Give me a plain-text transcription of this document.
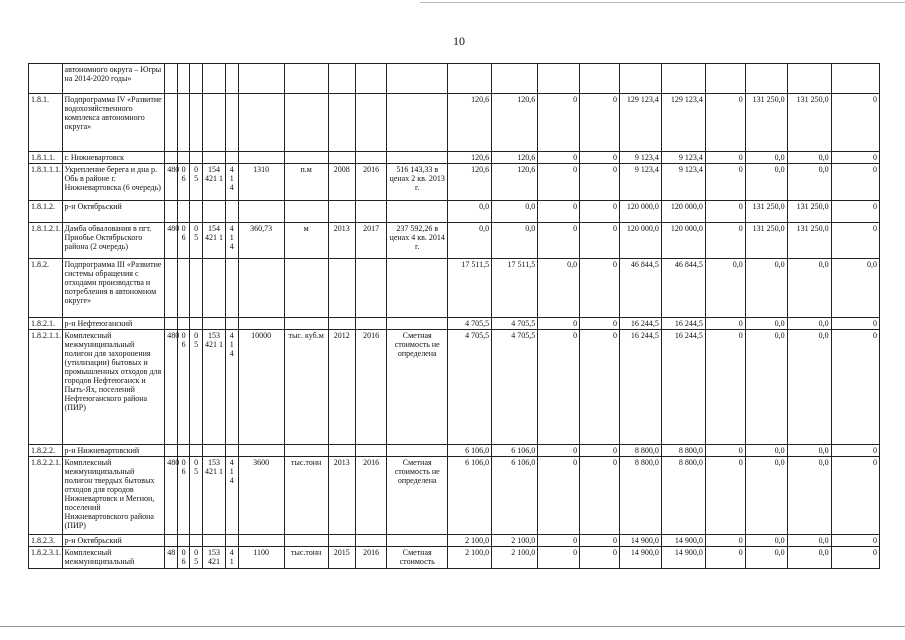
10
	автономного округа – Югры на 2014-2020 годы»																				
1.8.1.	Подпрограмма IV «Развитие водохозяйственного комплекса автономного округа»											120,6	120,6	0	0	129 123,4	129 123,4	0	131 250,0	131 250,0	0
1.8.1.1.	г. Нижневартовск											120,6	120,6	0	0	9 123,4	9 123,4	0	0,0	0,0	0
1.8.1.1.1.	Укрепление берега и дна р. Обь в районе г. Нижневартовска (6 очередь)	480	0 6	0 5	154 421 1	4 1 4	1310	п.м	2008	2016	516 143,33 в ценах 2 кв. 2013 г.	120,6	120,6	0	0	9 123,4	9 123,4	0	0,0	0,0	0
1.8.1.2.	р-н Октябрьский											0,0	0,0	0	0	120 000,0	120 000,0	0	131 250,0	131 250,0	0
1.8.1.2.1.	Дамба обвалования в пгт. Приобье Октябрьского района (2 очередь)	480	0 6	0 5	154 421 1	4 1 4	360,73	м	2013	2017	237 592,26 в ценах 4 кв. 2014 г.	0,0	0,0	0	0	120 000,0	120 000,0	0	131 250,0	131 250,0	0
1.8.2.	Подпрограмма III «Развитие системы обращения с отходами производства и потребления в автономном округе»											17 511,5	17 511,5	0,0	0	46 844,5	46 844,5	0,0	0,0	0,0	0,0
1.8.2.1.	р-н Нефтеюганский											4 705,5	4 705,5	0	0	16 244,5	16 244,5	0	0,0	0,0	0
1.8.2.1.1.	Комплексный межмуниципальный полигон для захоронения (утилизации) бытовых и промышленных отходов для городов Нефтеюганск и Пыть-Ях, поселений Нефтеюганского района (ПИР)	480	0 6	0 5	153 421 1	4 1 4	10000	тыс. куб.м	2012	2016	Сметная стоимость не определена	4 705,5	4 705,5	0	0	16 244,5	16 244,5	0	0,0	0,0	0
1.8.2.2.	р-н Нижневартовский											6 106,0	6 106,0	0	0	8 800,0	8 800,0	0	0,0	0,0	0
1.8.2.2.1.	Комплексный межмуниципальный полигон твердых бытовых отходов для городов Нижневартовск и Мегион, поселений Нижневартовского района (ПИР)	480	0 6	0 5	153 421 1	4 1 4	3600	тыс.тонн	2013	2016	Сметная стоимость не определена	6 106,0	6 106,0	0	0	8 800,0	8 800,0	0	0,0	0,0	0
1.8.2.3.	р-н Октябрьский											2 100,0	2 100,0	0	0	14 900,0	14 900,0	0	0,0	0,0	0
1.8.2.3.1.	Комплексный межмуниципальный	48	0 6	0 5	153 421	4 1	1100	тыс.тонн	2015	2016	Сметная стоимость	2 100,0	2 100,0	0	0	14 900,0	14 900,0	0	0,0	0,0	0
